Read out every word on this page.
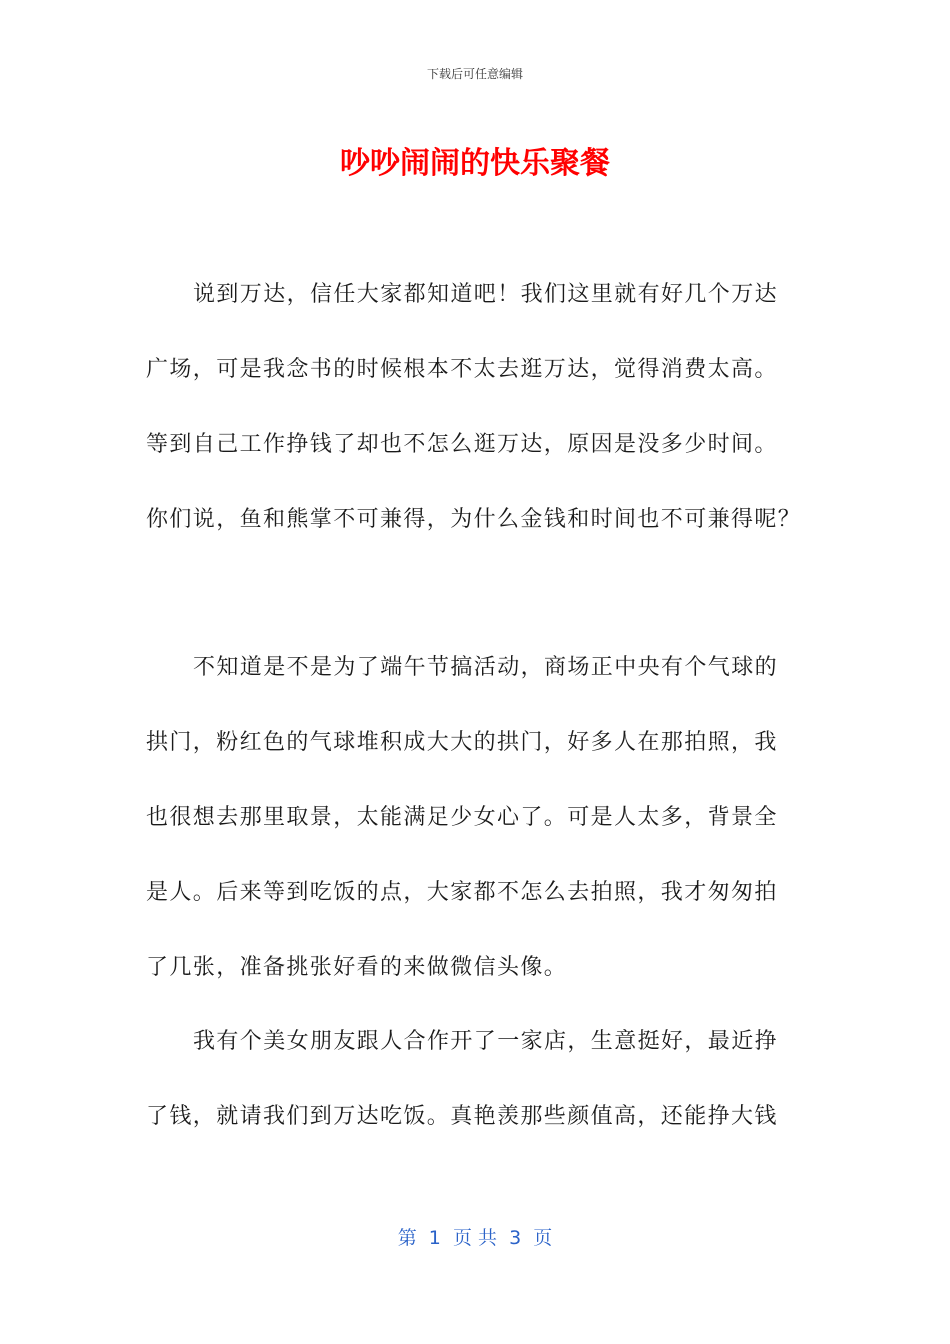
下载后可任意编辑
吵吵闹闹的快乐聚餐
说到万达，信任大家都知道吧！我们这里就有好几个万达
广场，可是我念书的时候根本不太去逛万达，觉得消费太高。
等到自己工作挣钱了却也不怎么逛万达，原因是没多少时间。
你们说，鱼和熊掌不可兼得，为什么金钱和时间也不可兼得呢？
不知道是不是为了端午节搞活动，商场正中央有个气球的
拱门，粉红色的气球堆积成大大的拱门，好多人在那拍照，我
也很想去那里取景，太能满足少女心了。可是人太多，背景全
是人。后来等到吃饭的点，大家都不怎么去拍照，我才匆匆拍
了几张，准备挑张好看的来做微信头像。
我有个美女朋友跟人合作开了一家店，生意挺好，最近挣
了钱，就请我们到万达吃饭。真艳羡那些颜值高，还能挣大钱
第  1  页 共  3  页
